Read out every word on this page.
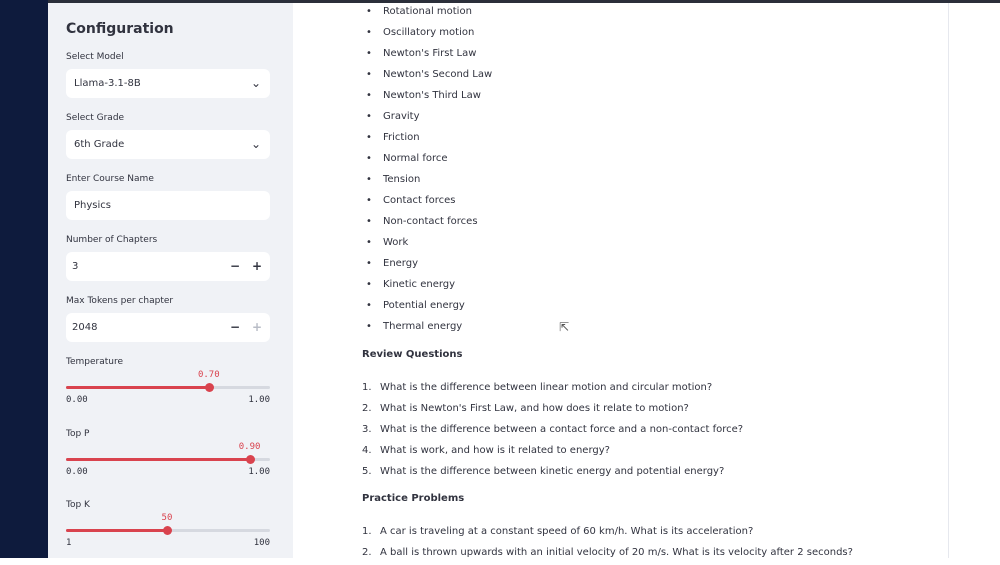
Configuration
Select Model
Llama-3.1-8B	⌄
Select Grade
6th Grade	⌄
Enter Course Name
Physics
Number of Chapters
3	− +
Max Tokens per chapter
2048	− +
Temperature
0.70
0.00	1.00
Top P
0.90
0.00	1.00
Top K
50
1	100
• Rotational motion
• Oscillatory motion
• Newton's First Law
• Newton's Second Law
• Newton's Third Law
• Gravity
• Friction
• Normal force
• Tension
• Contact forces
• Non-contact forces
• Work
• Energy
• Kinetic energy
• Potential energy
• Thermal energy
Review Questions
1. What is the difference between linear motion and circular motion?
2. What is Newton's First Law, and how does it relate to motion?
3. What is the difference between a contact force and a non-contact force?
4. What is work, and how is it related to energy?
5. What is the difference between kinetic energy and potential energy?
Practice Problems
1. A car is traveling at a constant speed of 60 km/h. What is its acceleration?
2. A ball is thrown upwards with an initial velocity of 20 m/s. What is its velocity after 2 seconds?
⇱
